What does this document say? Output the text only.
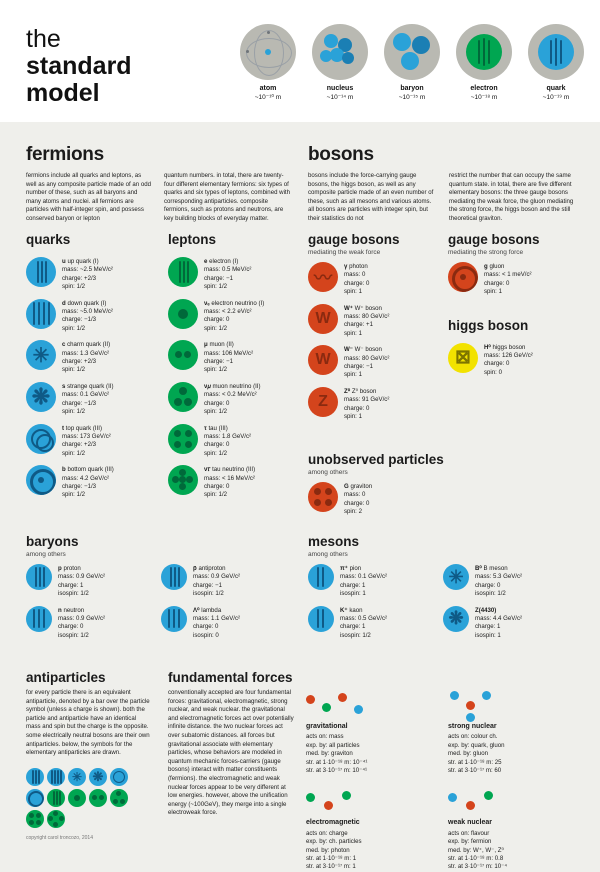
the
standard
model	atom
~10⁻¹⁰ m
nucleus
~10⁻¹⁴ m
baryon
~10⁻¹⁵ m
electron
~10⁻¹⁸ m
quark
~10⁻¹⁹ m
fermions

fermions include all quarks and leptons, as well as any composite particle made of an odd number of these, such as all baryons and many atoms and nuclei. all fermions are particles with half-integer spin, and possess conserved baryon or lepton

quantum numbers. in total, there are twenty-four different elementary fermions: six types of quarks and six types of leptons, combined with corresponding antiparticles. composite fermions, such as protons and neutrons, are key building blocks of everyday matter.

bosons

bosons include the force-carrying gauge bosons, the higgs boson, as well as any composite particle made of an even number of these, such as all mesons and various atoms. all bosons are particles with integer spin, but their statistics do not

restrict the number that can occupy the same quantum state. in total, there are five different elementary bosons: the three gauge bosons mediating the weak force, the gluon mediating the strong force, the higgs boson and the still theoretical graviton.

quarks
u up quark (I)
mass: ~2.5 MeV/c²
charge: +2/3
spin: 1/2
d down quark (I)
mass: ~5.0 MeV/c²
charge: −1/3
spin: 1/2
✳	c charm quark (II)
mass: 1.3 GeV/c²
charge: +2/3
spin: 1/2
❋	s strange quark (II)
mass: 0.1 GeV/c²
charge: −1/3
spin: 1/2
t top quark (III)
mass: 173 GeV/c²
charge: +2/3
spin: 1/2
b bottom quark (III)
mass: 4.2 GeV/c²
charge: −1/3
spin: 1/2
leptons
e electron (I)
mass: 0.5 MeV/c²
charge: −1
spin: 1/2
νₑ electron neutrino (I)
mass: < 2.2 eV/c²
charge: 0
spin: 1/2
μ muon (II)
mass: 106 MeV/c²
charge: −1
spin: 1/2
ν𝜇 muon neutrino (II)
mass: < 0.2 MeV/c²
charge: 0
spin: 1/2
τ tau (III)
mass: 1.8 GeV/c²
charge: 0
spin: 1/2
ν𝜏 tau neutrino (III)
mass: < 16 MeV/c²
charge: 0
spin: 1/2
gauge bosons
mediating the weak force
〰
γ photon
mass: 0
charge: 0
spin: 1
W
W⁺ W⁺ boson
mass: 80 GeV/c²
charge: +1
spin: 1
W
W⁻ W⁻ boson
mass: 80 GeV/c²
charge: −1
spin: 1
Z
Z⁰ Z⁰ boson
mass: 91 GeV/c²
charge: 0
spin: 1
gauge bosons
mediating the strong force
g gluon
mass: < 1 meV/c²
charge: 0
spin: 1
higgs boson
⊠	H⁰ higgs boson
mass: 126 GeV/c²
charge: 0
spin: 0
unobserved particles
among others
G graviton
mass: 0
charge: 0
spin: 2
baryons
among others
p proton
mass: 0.9 GeV/c²
charge: 1
isospin: 1/2
n neutron
mass: 0.9 GeV/c²
charge: 0
isospin: 1/2
p̄ antiproton
mass: 0.9 GeV/c²
charge: −1
isospin: 1/2
Λ⁰ lambda
mass: 1.1 GeV/c²
charge: 0
isospin: 0
mesons
among others
π⁺ pion
mass: 0.1 GeV/c²
charge: 1
isospin: 1
K⁺ kaon
mass: 0.5 GeV/c²
charge: 1
isospin: 1/2
✳	B⁰ B meson
mass: 5.3 GeV/c²
charge: 0
isospin: 1/2
❋	Z(4430)
mass: 4.4 GeV/c²
charge: 1
isospin: 1
antiparticles

for every particle there is an equivalent antiparticle, denoted by a bar over the particle symbol (unless a charge is shown). both the particle and antiparticle have an identical mass and spin but the charge is the opposite. some electrically neutral bosons are their own antiparticles. below, the symbols for the elementary antiparticles are drawn.

✳ ❋
fundamental forces

conventionally accepted are four fundamental forces: gravitational, electromagnetic, strong nuclear, and weak nuclear. the gravitational and electromagnetic forces act over potentially infinite distance. the two nuclear forces act over subatomic distances. all forces but gravitational associate with elementary particles, whose behaviors are modeled in quantum mechanic forces-carriers (gauge bosons) interact with matter constituents (fermions). the electromagnetic and weak nuclear forces appear to be very different at low energies. however, above the unification energy (~100GeV), they merge into a single electroweak force.

gravitational
acts on: mass
exp. by: all particles
med. by: graviton
str. at 1·10⁻¹⁸ m: 10⁻⁴¹
str. at 3·10⁻¹⁷ m: 10⁻⁴¹
electromagnetic
acts on: charge
exp. by: ch. particles
med. by: photon
str. at 1·10⁻¹⁸ m: 1
str. at 3·10⁻¹⁷ m: 1
strong nuclear
acts on: colour ch.
exp. by: quark, gluon
med. by: gluon
str. at 1·10⁻¹⁸ m: 25
str. at 3·10⁻¹⁷ m: 60
weak nuclear
acts on: flavour
exp. by: fermion
med. by: W⁺, W⁻, Z⁰
str. at 1·10⁻¹⁸ m: 0.8
str. at 3·10⁻¹⁷ m: 10⁻⁴
copyright carol troncozo, 2014
